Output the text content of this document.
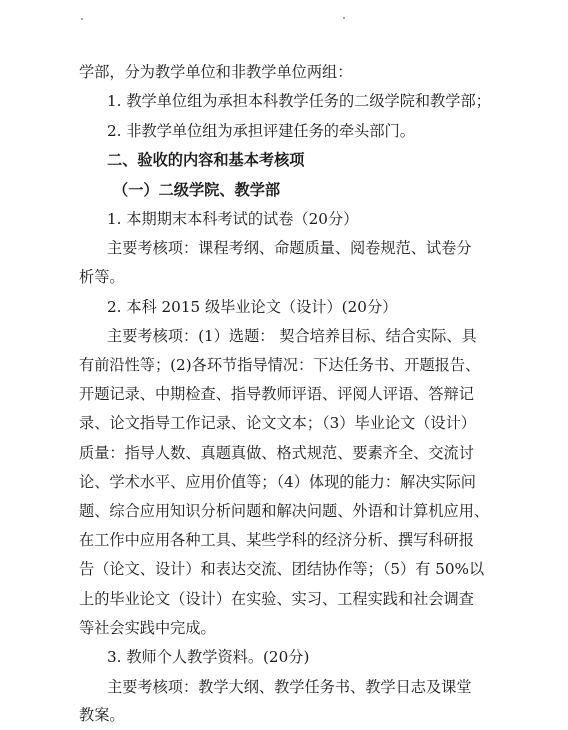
学部，分为教学单位和非教学单位两组：
1. 教学单位组为承担本科教学任务的二级学院和教学部；
2. 非教学单位组为承担评建任务的牵头部门。
二、验收的内容和基本考核项
（一）二级学院、教学部
1. 本期期末本科考试的试卷（20分）
主要考核项：课程考纲、命题质量、阅卷规范、试卷分
析等。
2. 本科 2015 级毕业论文（设计）(20分）
主要考核项：(1）选题： 契合培养目标、结合实际、具
有前沿性等；(2)各环节指导情况：下达任务书、开题报告、
开题记录、中期检查、指导教师评语、评阅人评语、答辩记
录、论文指导工作记录、论文文本；（3）毕业论文（设计）
质量：指导人数、真题真做、格式规范、要素齐全、交流讨
论、学术水平、应用价值等；（4）体现的能力：解决实际问
题、综合应用知识分析问题和解决问题、外语和计算机应用、
在工作中应用各种工具、某些学科的经济分析、撰写科研报
告（论文、设计）和表达交流、团结协作等；（5）有 50%以
上的毕业论文（设计）在实验、实习、工程实践和社会调查
等社会实践中完成。
3. 教师个人教学资料。(20分)
主要考核项：教学大纲、教学任务书、教学日志及课堂
教案。
